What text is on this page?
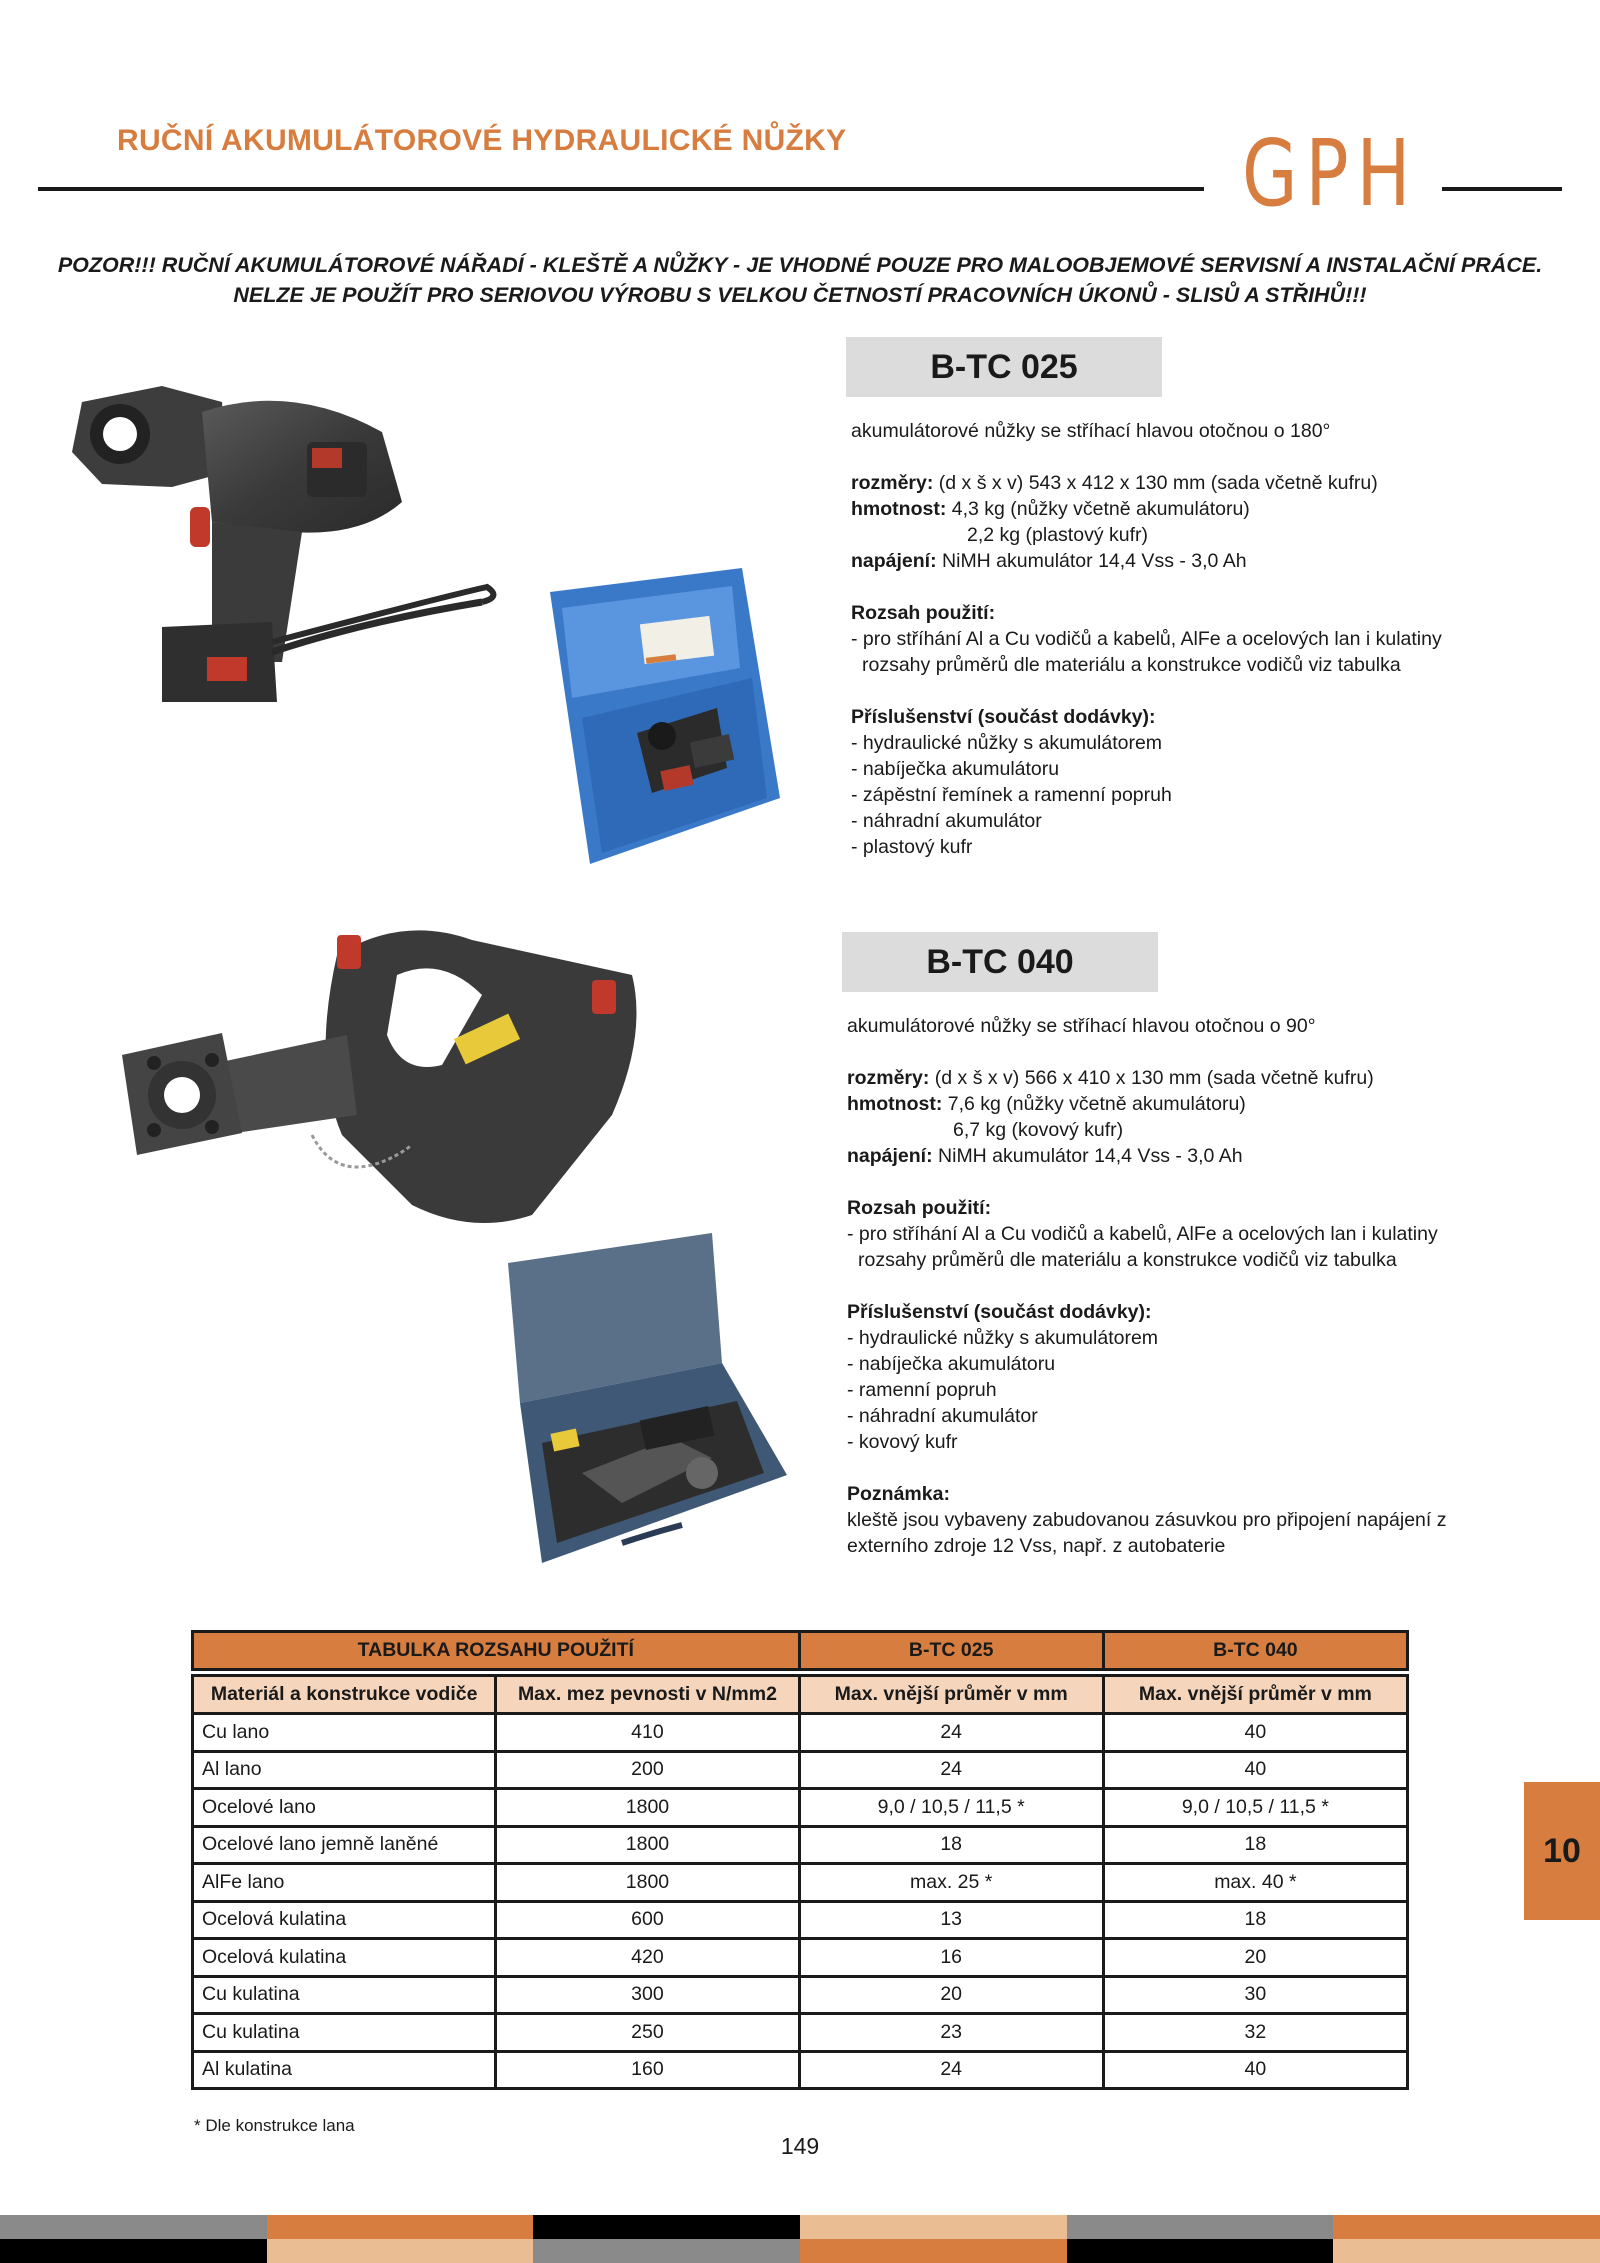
RUČNÍ AKUMULÁTOROVÉ HYDRAULICKÉ NŮŽKY	GPH
POZOR!!! RUČNÍ AKUMULÁTOROVÉ NÁŘADÍ - KLEŠTĚ A NŮŽKY - JE VHODNÉ POUZE PRO MALOOBJEMOVÉ SERVISNÍ A INSTALAČNÍ PRÁCE.
NELZE JE POUŽÍT PRO SERIOVOU VÝROBU S VELKOU ČETNOSTÍ PRACOVNÍCH ÚKONŮ - SLISŮ A STŘIHŮ!!!
B-TC 025
akumulátorové nůžky se stříhací hlavou otočnou o 180°
rozměry: (d x š x v) 543 x 412 x 130 mm (sada včetně kufru)
hmotnost: 4,3 kg (nůžky včetně akumulátoru)
2,2 kg (plastový kufr)
napájení: NiMH akumulátor 14,4 Vss - 3,0 Ah
Rozsah použití:
- pro stříhání Al a Cu vodičů a kabelů, AlFe a ocelových lan i kulatiny
rozsahy průměrů dle materiálu a konstrukce vodičů viz tabulka
Příslušenství (součást dodávky):
- hydraulické nůžky s akumulátorem
- nabíječka akumulátoru
- zápěstní řemínek a ramenní popruh
- náhradní akumulátor
- plastový kufr
B-TC 040
akumulátorové nůžky se stříhací hlavou otočnou o 90°
rozměry: (d x š x v) 566 x 410 x 130 mm (sada včetně kufru)
hmotnost: 7,6 kg (nůžky včetně akumulátoru)
6,7 kg (kovový kufr)
napájení: NiMH akumulátor 14,4 Vss - 3,0 Ah
Rozsah použití:
- pro stříhání Al a Cu vodičů a kabelů, AlFe a ocelových lan i kulatiny
rozsahy průměrů dle materiálu a konstrukce vodičů viz tabulka
Příslušenství (součást dodávky):
- hydraulické nůžky s akumulátorem
- nabíječka akumulátoru
- ramenní popruh
- náhradní akumulátor
- kovový kufr
Poznámka:
kleště jsou vybaveny zabudovanou zásuvkou pro připojení napájení z
externího zdroje 12 Vss, např. z autobaterie
TABULKA ROZSAHU POUŽITÍ		B-TC 025	B-TC 040

Materiál a konstrukce vodiče	Max. mez pevnosti v N/mm2	Max. vnější průměr v mm	Max. vnější průměr v mm
Cu lano	410	24	40
Al lano	200	24	40
Ocelové lano	1800	9,0 / 10,5 / 11,5 *	9,0 / 10,5 / 11,5 *
Ocelové lano jemně laněné	1800	18	18
AlFe lano	1800	max. 25 *	max. 40 *
Ocelová kulatina	600	13	18
Ocelová kulatina	420	16	20
Cu kulatina	300	20	30
Cu kulatina	250	23	32
Al kulatina	160	24	40
* Dle konstrukce lana
149
10
